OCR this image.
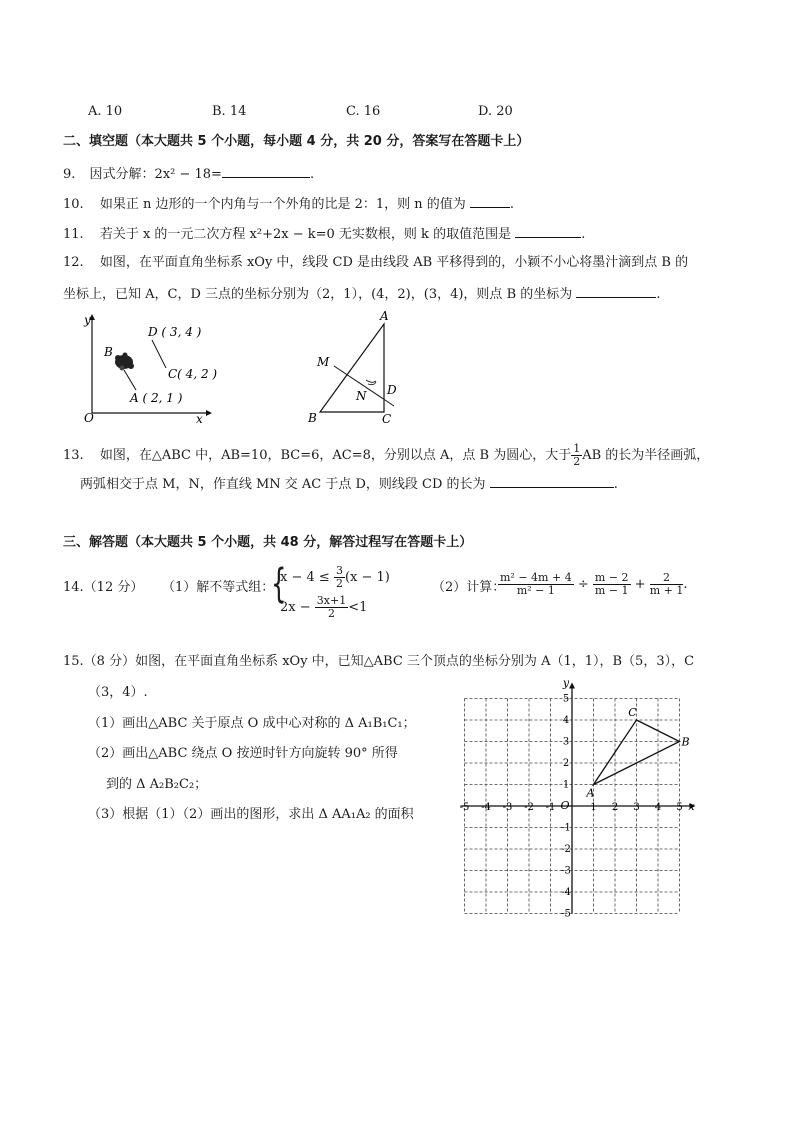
A. 10	B. 14	C. 16	D. 20
二、填空题（本大题共 5 个小题，每小题 4 分，共 20 分，答案写在答题卡上）
9. 因式分解：2x² − 18=	.
10. 如果正 n 边形的一个内角与一个外角的比是 2：1，则 n 的值为	.
11. 若关于 x 的一元二次方程 x²+2x − k=0 无实数根，则 k 的取值范围是	.
12. 如图，在平面直角坐标系 xOy 中，线段 CD 是由线段 AB 平移得到的，小颖不小心将墨汁滴到点 B 的
坐标上，已知 A，C，D 三点的坐标分别为（2，1），(4，2)，(3，4)，则点 B 的坐标为	.
y
x
O
D ( 3, 4 )
B
C( 4, 2 )
A ( 2, 1 )
A
M
D
N
B	C
13. 如图，在△ABC 中，AB=10，BC=6，AC=8，分别以点 A，点 B 为圆心，大于 $\frac{1}{2}$ AB 的长为半径画弧，
两弧相交于点 M，N，作直线 MN 交 AC 于点 D，则线段 CD 的长为	.
三、解答题（本大题共 5 个小题，共 48 分，解答过程写在答题卡上）
14.（12 分） （1）解不等式组：
{
$x - 4 \le \frac{3}{2} (x - 1)$
$2x - \frac{3x+1}{2} <1$
（2）计算：
$\frac{\text{m² − 4m + 4}}{\text{m² − 1}} \div \frac{m - 2}{m - 1} + \frac{2}{m + 1}$ .
15.（8 分）如图，在平面直角坐标系 xOy 中，已知△ABC 三个顶点的坐标分别为 A（1，1），B（5，3），C
（3，4）.
（1）画出△ABC 关于原点 O 成中心对称的 Δ A₁B₁C₁；
（2）画出△ABC 绕点 O 按逆时针方向旋转 90° 所得
到的 Δ A₂B₂C₂；
（3）根据（1）（2）画出的图形，求出 Δ AA₁A₂ 的面积
x
y
O
-5 -4 -3 -2 -1	1 2 3 4 5
5
4
3
2
1
-1
-2
-3
-4
-5
A
B
C
